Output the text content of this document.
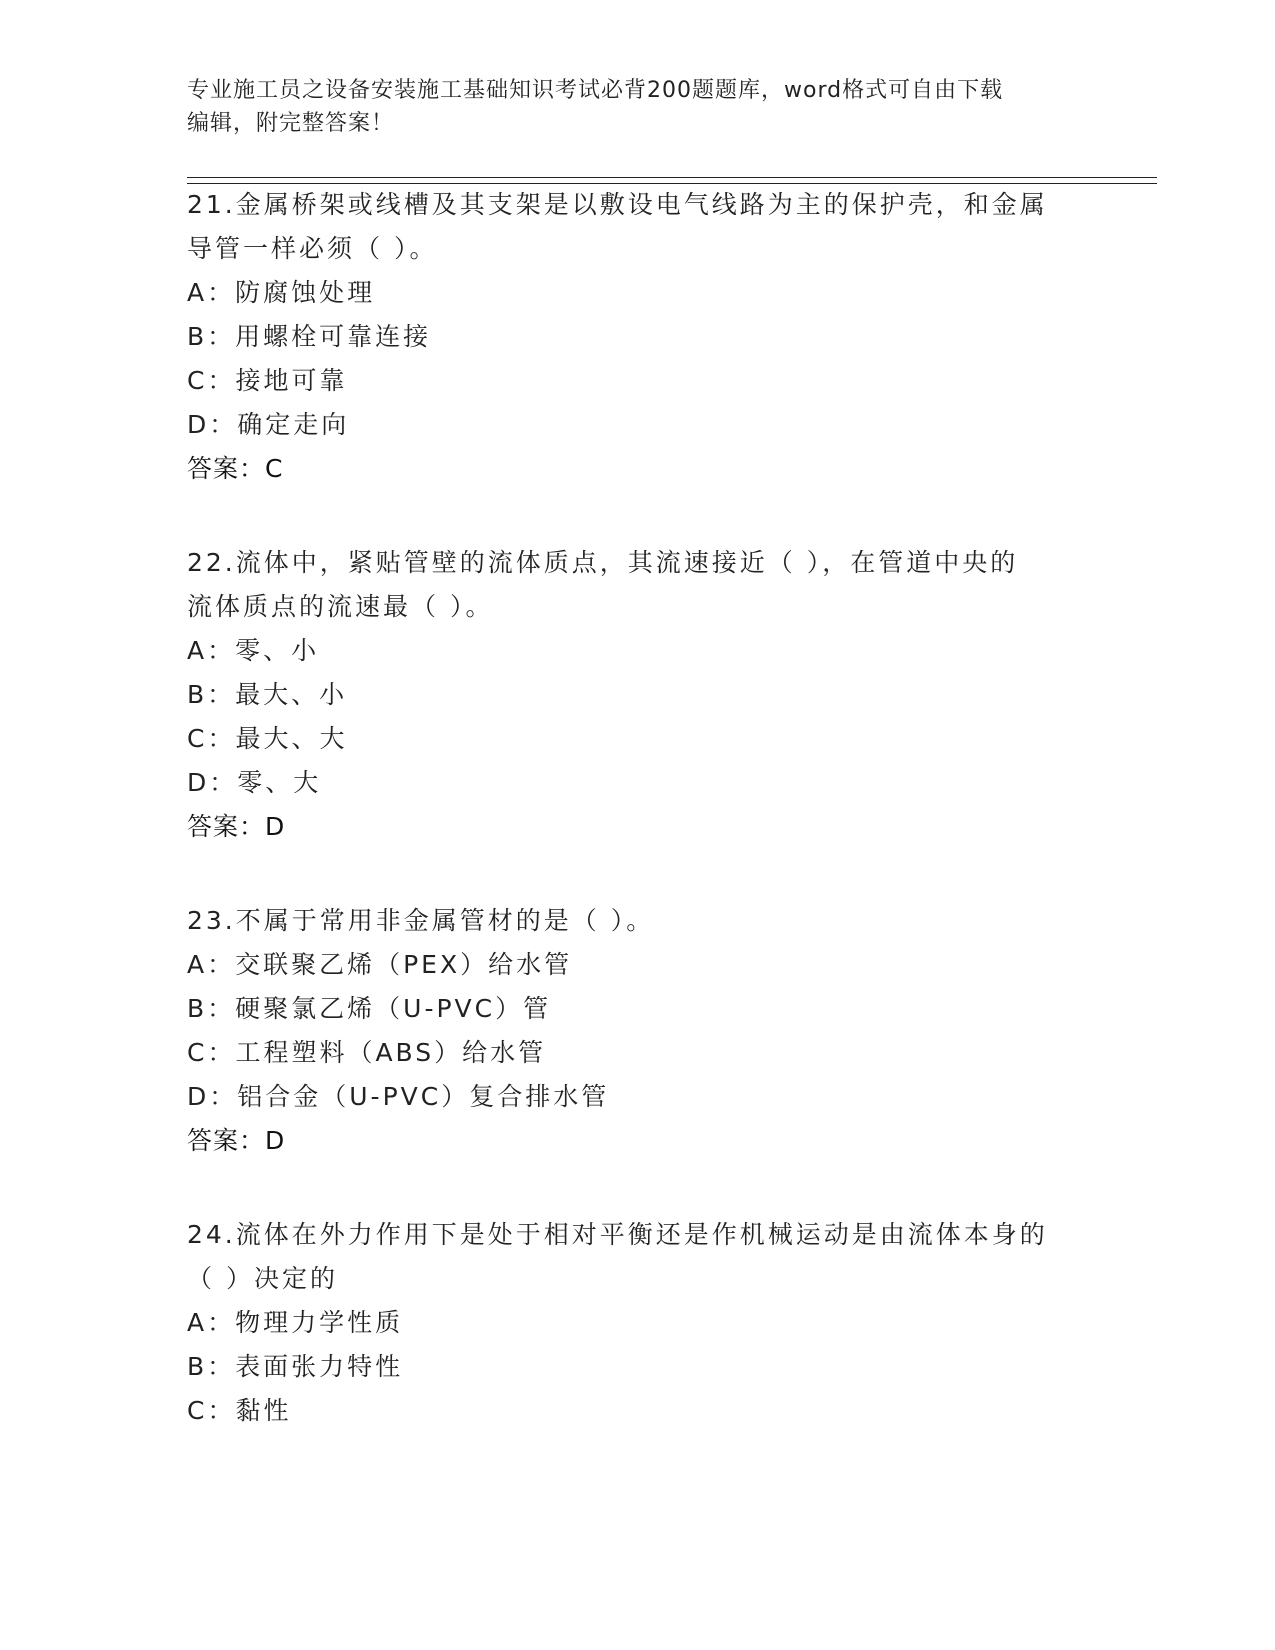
专业施工员之设备安装施工基础知识考试必背200题题库，word格式可自由下载
编辑，附完整答案！
21.金属桥架或线槽及其支架是以敷设电气线路为主的保护壳，和金属
导管一样必须（ ）。
A：防腐蚀处理
B：用螺栓可靠连接
C：接地可靠
D：确定走向
答案：C
22.流体中，紧贴管壁的流体质点，其流速接近（ ），在管道中央的
流体质点的流速最（ ）。
A：零、小
B：最大、小
C：最大、大
D：零、大
答案：D
23.不属于常用非金属管材的是（ ）。
A：交联聚乙烯（PEX）给水管
B：硬聚氯乙烯（U-PVC）管
C：工程塑料（ABS）给水管
D：铝合金（U-PVC）复合排水管
答案：D
24.流体在外力作用下是处于相对平衡还是作机械运动是由流体本身的
（ ）决定的
A：物理力学性质
B：表面张力特性
C：黏性
